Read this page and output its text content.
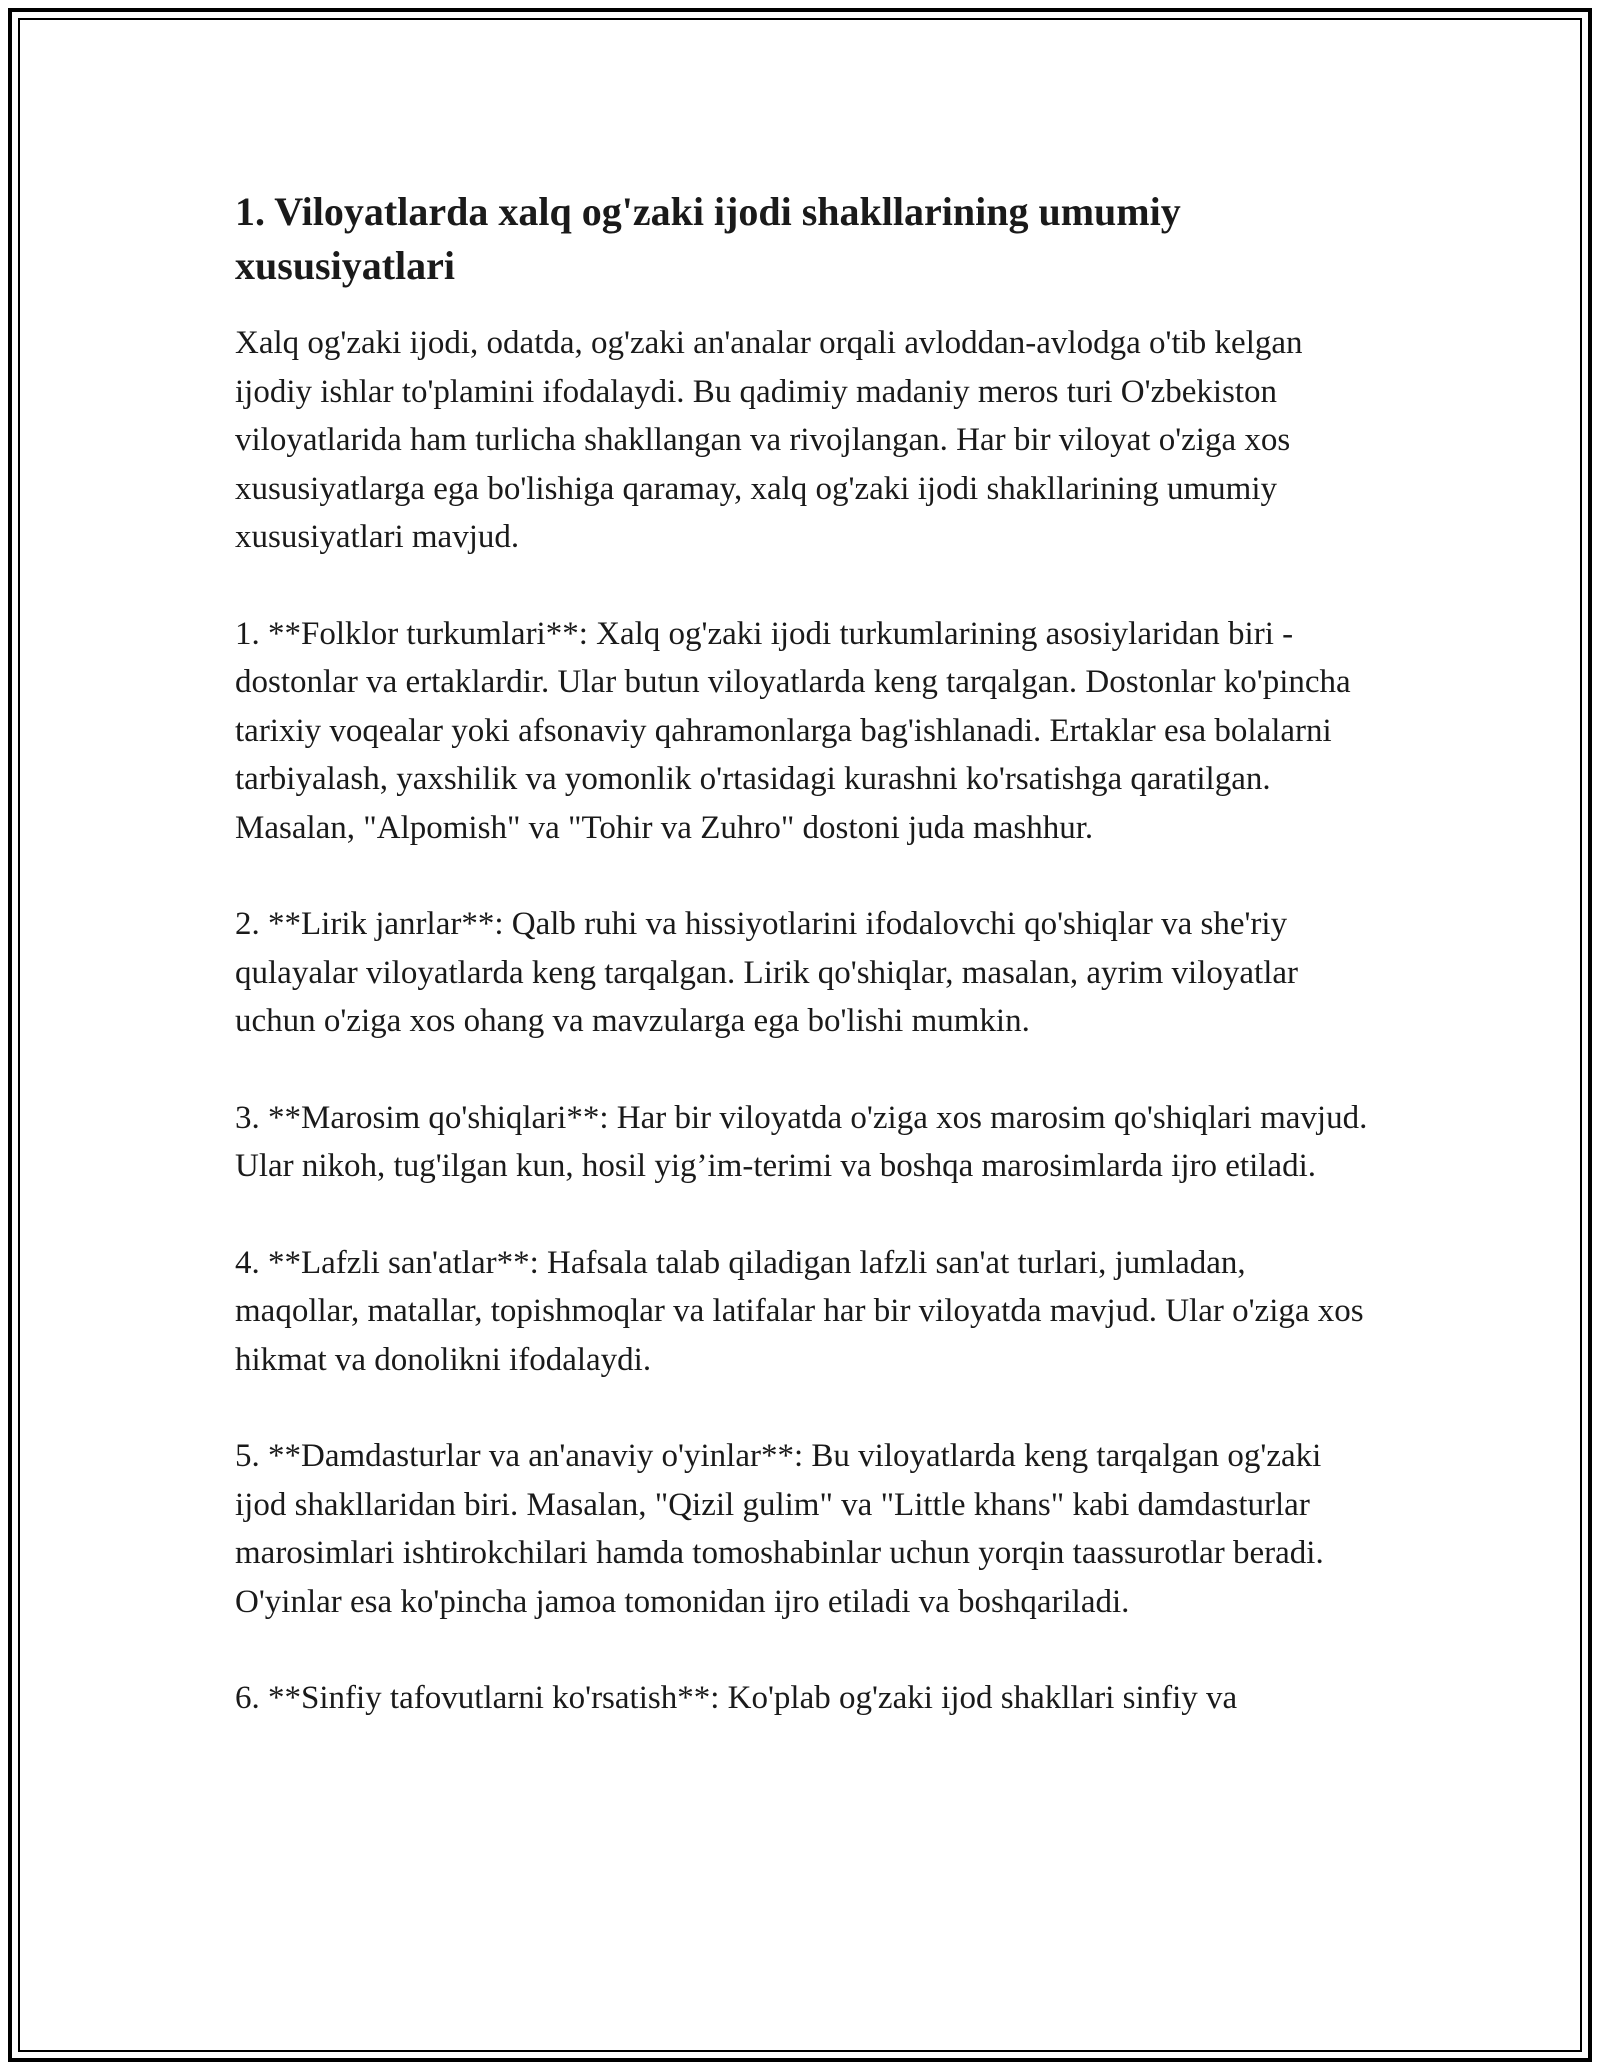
1. Viloyatlarda xalq og'zaki ijodi shakllarining umumiy xususiyatlari

Xalq og'zaki ijodi, odatda, og'zaki an'analar orqali avloddan-avlodga o'tib kelgan ijodiy ishlar to'plamini ifodalaydi. Bu qadimiy madaniy meros turi O'zbekiston viloyatlarida ham turlicha shakllangan va rivojlangan. Har bir viloyat o'ziga xos xususiyatlarga ega bo'lishiga qaramay, xalq og'zaki ijodi shakllarining umumiy xususiyatlari mavjud.

1. **Folklor turkumlari**: Xalq og'zaki ijodi turkumlarining asosiylaridan biri - dostonlar va ertaklardir. Ular butun viloyatlarda keng tarqalgan. Dostonlar ko'pincha tarixiy voqealar yoki afsonaviy qahramonlarga bag'ishlanadi. Ertaklar esa bolalarni tarbiyalash, yaxshilik va yomonlik o'rtasidagi kurashni ko'rsatishga qaratilgan. Masalan, "Alpomish" va "Tohir va Zuhro" dostoni juda mashhur.

2. **Lirik janrlar**: Qalb ruhi va hissiyotlarini ifodalovchi qo'shiqlar va she'riy qulayalar viloyatlarda keng tarqalgan. Lirik qo'shiqlar, masalan, ayrim viloyatlar uchun o'ziga xos ohang va mavzularga ega bo'lishi mumkin.

3. **Marosim qo'shiqlari**: Har bir viloyatda o'ziga xos marosim qo'shiqlari mavjud. Ular nikoh, tug'ilgan kun, hosil yig’im-terimi va boshqa marosimlarda ijro etiladi.

4. **Lafzli san'atlar**: Hafsala talab qiladigan lafzli san'at turlari, jumladan, maqollar, matallar, topishmoqlar va latifalar har bir viloyatda mavjud. Ular o'ziga xos hikmat va donolikni ifodalaydi.

5. **Damdasturlar va an'anaviy o'yinlar**: Bu viloyatlarda keng tarqalgan og'zaki ijod shakllaridan biri. Masalan, "Qizil gulim" va "Little khans" kabi damdasturlar marosimlari ishtirokchilari hamda tomoshabinlar uchun yorqin taassurotlar beradi. O'yinlar esa ko'pincha jamoa tomonidan ijro etiladi va boshqariladi.

6. **Sinfiy tafovutlarni ko'rsatish**: Ko'plab og'zaki ijod shakllari sinfiy va
